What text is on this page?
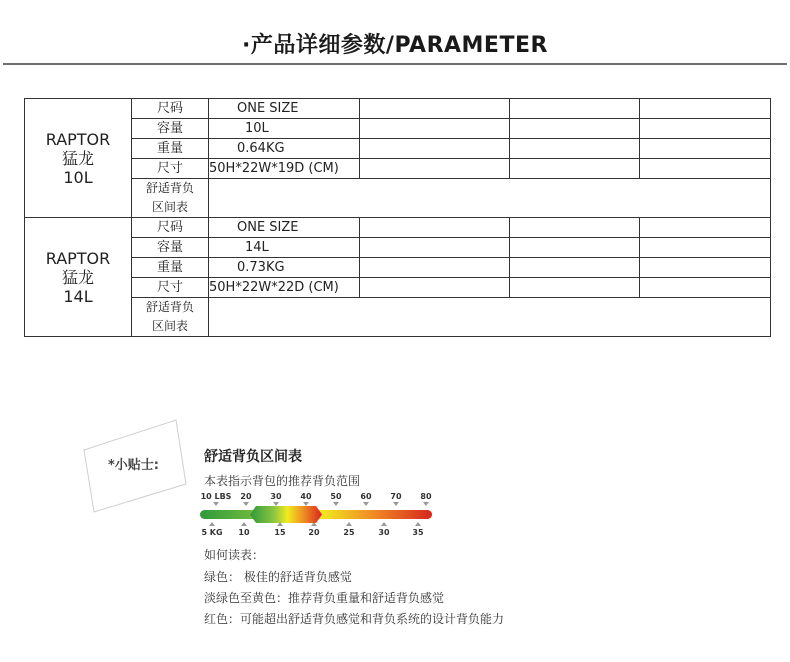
·产品详细参数/PARAMETER
RAPTOR
猛龙
10L	尺码	ONE SIZE			
	容量	10L			
	重量	0.64KG			
	尺寸	50H*22W*19D (CM)			

	舒适背负
区间表				

RAPTOR
猛龙
14L	尺码	ONE SIZE			
	容量	14L			
	重量	0.73KG			
	尺寸	50H*22W*22D (CM)			

	舒适背负
区间表				

*小贴士:
舒适背负区间表
本表指示背包的推荐背负范围
10 LBS 20 30 40 50 60 70 80
5 KG 10	15	20	25	30	35
如何读表：
绿色： 极佳的舒适背负感觉
淡绿色至黄色：推荐背负重量和舒适背负感觉
红色：可能超出舒适背负感觉和背负系统的设计背负能力
